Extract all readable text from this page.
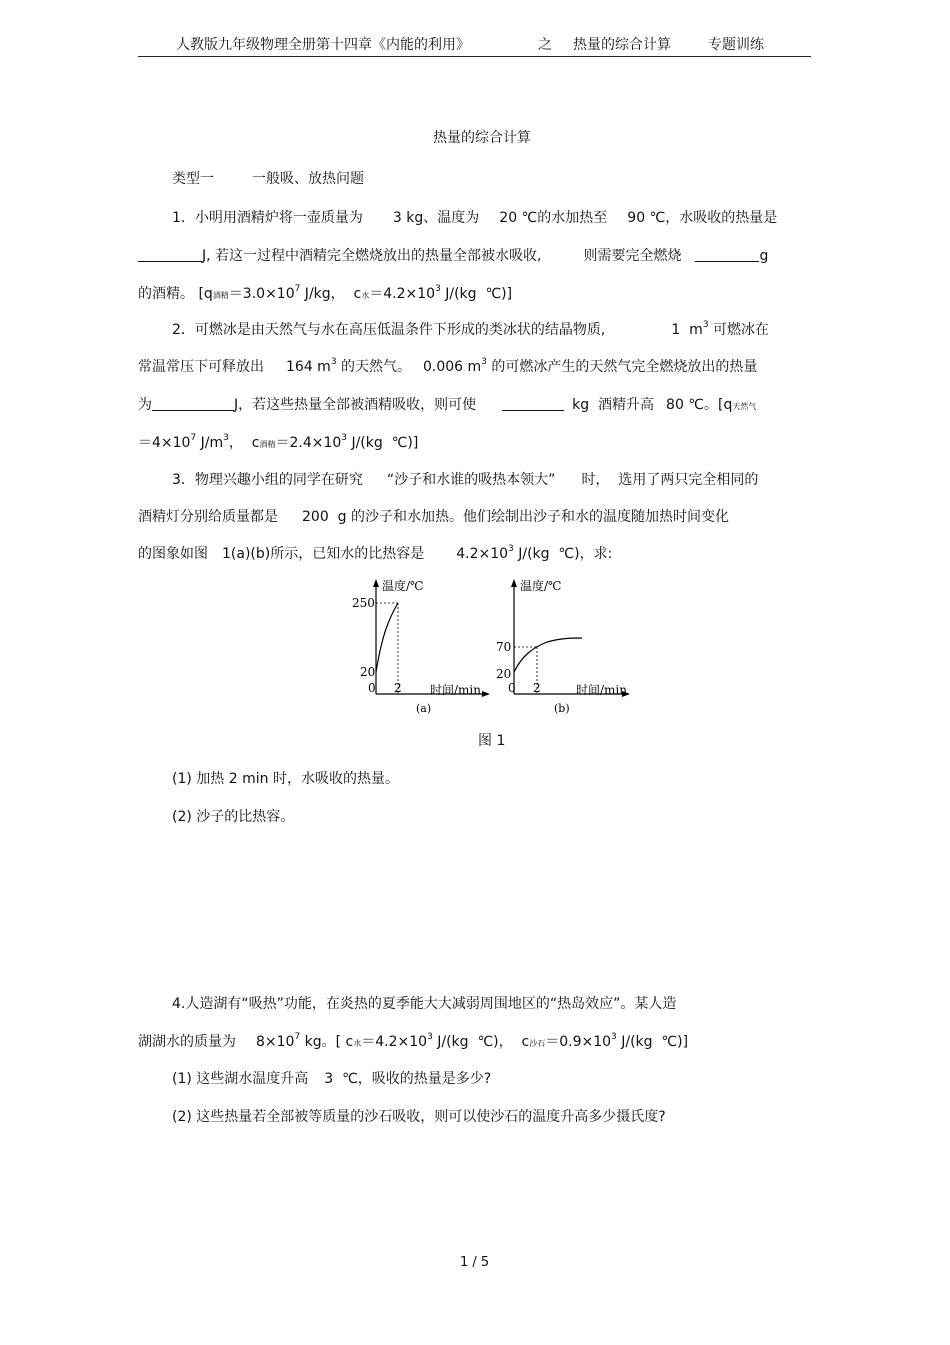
人教版九年级物理全册第十四章《内能的利用》	之 热量的综合计算	专题训练
热量的综合计算
类型一	一般吸、放热问题
1．小明用酒精炉将一壶质量为 3 kg、温度为 20 ℃的水加热至 90 ℃，水吸收的热量是
J, 若这一过程中酒精完全燃烧放出的热量全部被水吸收,	则需要完全燃烧	g
的酒精。 [q酒精$=3.0\times 10^7$ J/kg，  c水$=4.2\times 10^3$ J/(kg  ℃)]
2．可燃冰是由天然气与水在高压低温条件下形成的类冰状的结晶物质,	1  $m^3$ 可燃冰在
常温常压下可释放出 164 $m^3$ 的天然气。 0.006 $m^3$ 的可燃冰产生的天然气完全燃烧放出的热量
为	J，若这些热量全部被酒精吸收，则可使	kg  酒精升高 80 ℃。[q天然气
$=4\times 10^7$ $J/m^3$，  c酒精$=2.4\times 10^3$ J/(kg  ℃)]
3．物理兴趣小组的同学在研究 “沙子和水谁的吸热本领大” 时，  选用了两只完全相同的
酒精灯分别给质量都是 200  g 的沙子和水加热。他们绘制出沙子和水的温度随加热时间变化
的图象如图 1(a)(b)所示，已知水的比热容是 $4.2\times 10^3$ J/(kg  ℃)，求:
温度/℃
250
20
0 2 时间/min
(a)
温度/℃
70
20
0 2	时间/min
(b)
图 1
(1) 加热 2 min 时，水吸收的热量。
(2) 沙子的比热容。
4.人造湖有“吸热”功能，在炎热的夏季能大大减弱周围地区的“热岛效应”。某人造
湖湖水的质量为 $8\times 10^7$ kg。[ c水$=4.2\times 10^3$ J/(kg  ℃)，  c沙石$=0.9\times 10^3$ J/(kg  ℃)]
(1) 这些湖水温度升高 3  ℃，吸收的热量是多少?
(2) 这些热量若全部被等质量的沙石吸收，则可以使沙石的温度升高多少摄氏度?
1 / 5
